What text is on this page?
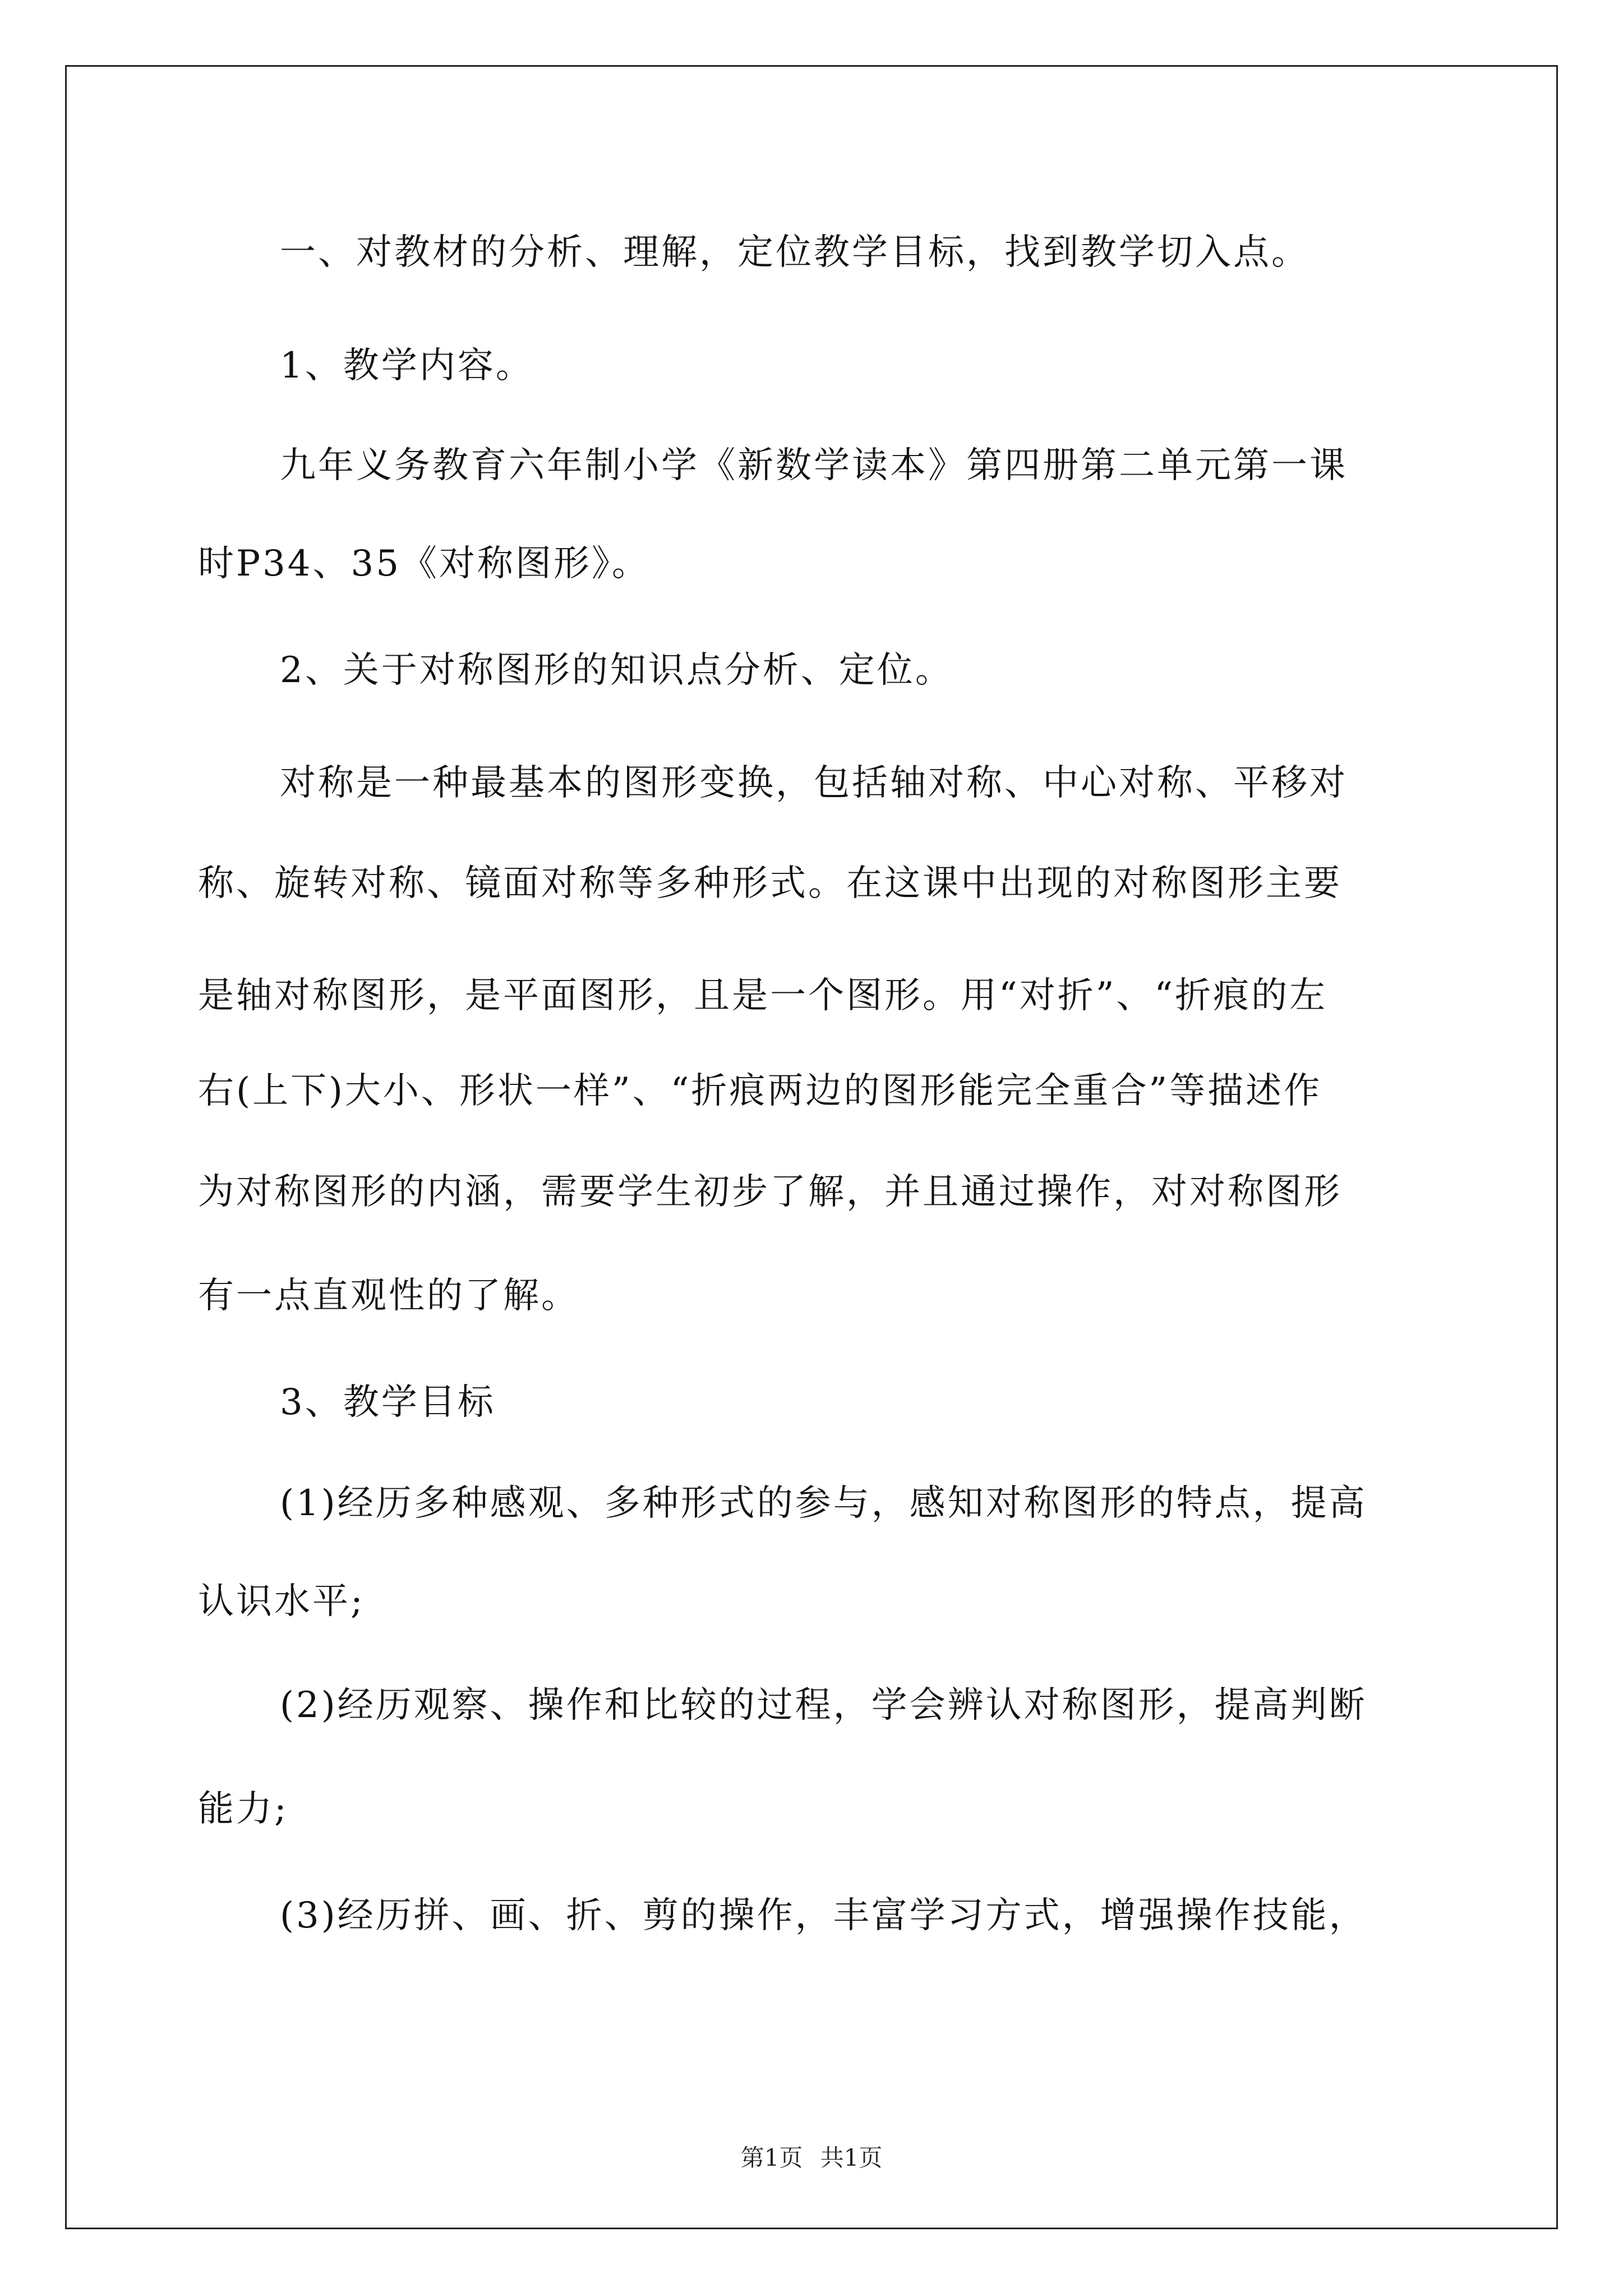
一、对教材的分析、理解，定位教学目标，找到教学切入点。
1、教学内容。
九年义务教育六年制小学《新数学读本》第四册第二单元第一课
时P34、35《对称图形》。
2、关于对称图形的知识点分析、定位。
对称是一种最基本的图形变换，包括轴对称、中心对称、平移对
称、旋转对称、镜面对称等多种形式。在这课中出现的对称图形主要
是轴对称图形，是平面图形，且是一个图形。用“对折”、“折痕的左
右(上下)大小、形状一样”、“折痕两边的图形能完全重合”等描述作
为对称图形的内涵，需要学生初步了解，并且通过操作，对对称图形
有一点直观性的了解。
3、教学目标
(1)经历多种感观、多种形式的参与，感知对称图形的特点，提高
认识水平;
(2)经历观察、操作和比较的过程，学会辨认对称图形，提高判断
能力;
(3)经历拼、画、折、剪的操作，丰富学习方式，增强操作技能，
第1页 共1页
